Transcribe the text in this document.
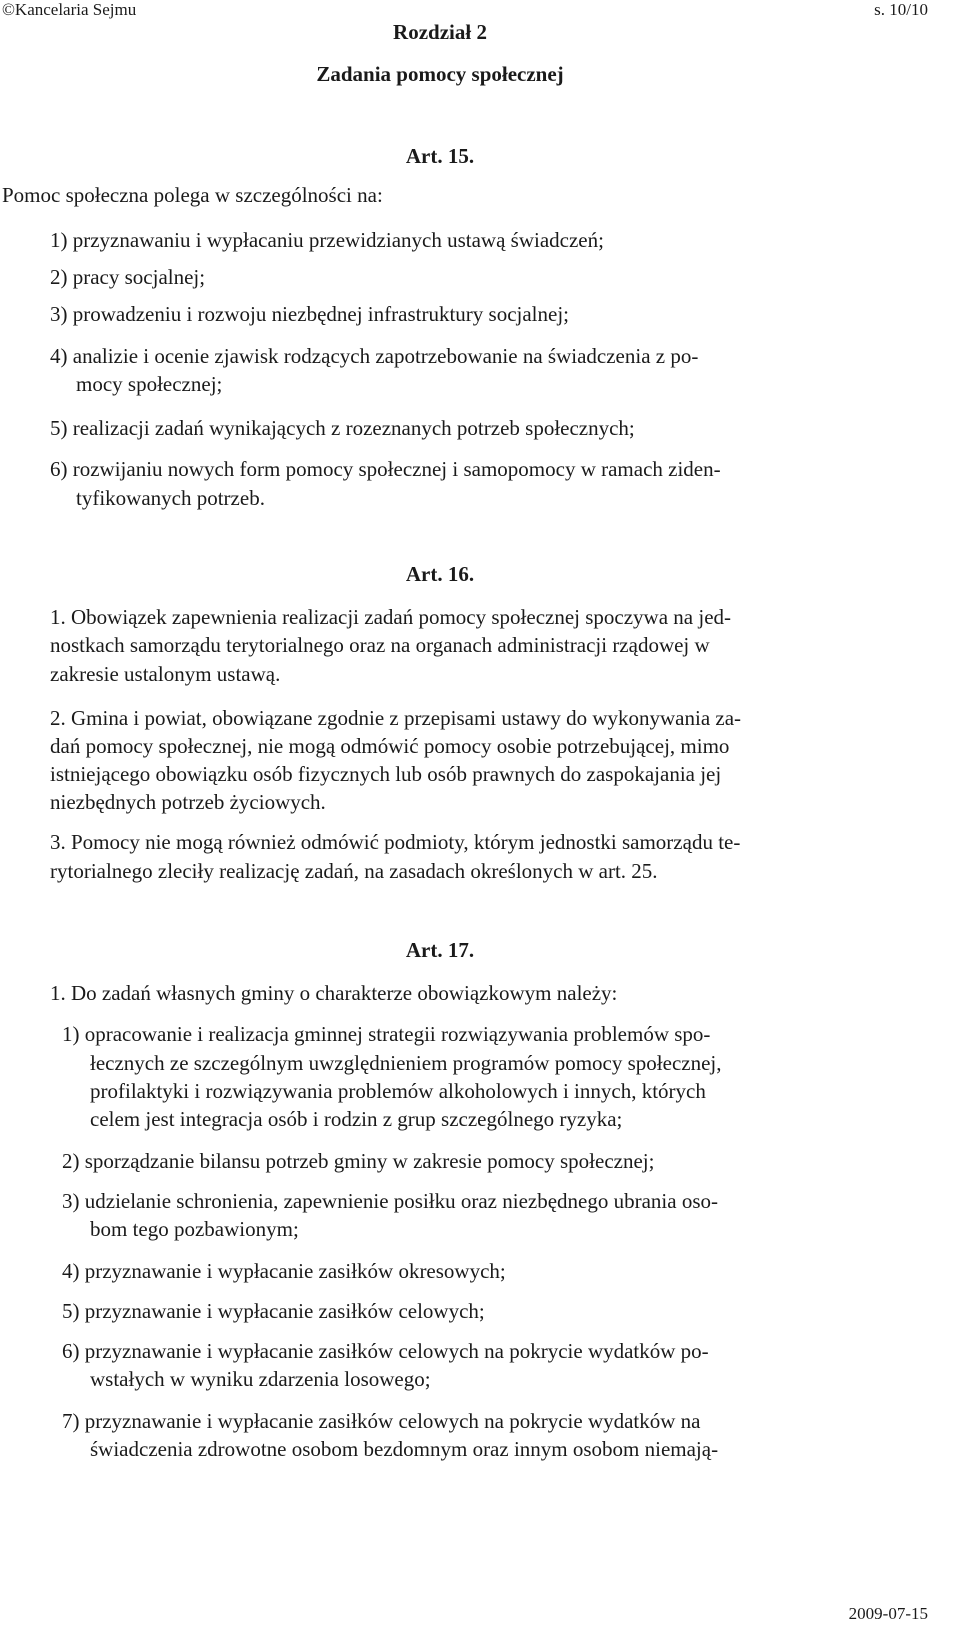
©Kancelaria Sejmu	s. 10/10
Rozdział 2
Zadania pomocy społecznej
Art. 15.
Pomoc społeczna polega w szczególności na:
1) przyznawaniu i wypłacaniu przewidzianych ustawą świadczeń;
2) pracy socjalnej;
3) prowadzeniu i rozwoju niezbędnej infrastruktury socjalnej;
4) analizie i ocenie zjawisk rodzących zapotrzebowanie na świadczenia z po-
mocy społecznej;
5) realizacji zadań wynikających z rozeznanych potrzeb społecznych;
6) rozwijaniu nowych form pomocy społecznej i samopomocy w ramach ziden-
tyfikowanych potrzeb.
Art. 16.
1. Obowiązek zapewnienia realizacji zadań pomocy społecznej spoczywa na jed-
nostkach samorządu terytorialnego oraz na organach administracji rządowej w
zakresie ustalonym ustawą.
2. Gmina i powiat, obowiązane zgodnie z przepisami ustawy do wykonywania za-
dań pomocy społecznej, nie mogą odmówić pomocy osobie potrzebującej, mimo
istniejącego obowiązku osób fizycznych lub osób prawnych do zaspokajania jej
niezbędnych potrzeb życiowych.
3. Pomocy nie mogą również odmówić podmioty, którym jednostki samorządu te-
rytorialnego zleciły realizację zadań, na zasadach określonych w art. 25.
Art. 17.
1. Do zadań własnych gminy o charakterze obowiązkowym należy:
1) opracowanie i realizacja gminnej strategii rozwiązywania problemów spo-
łecznych ze szczególnym uwzględnieniem programów pomocy społecznej,
profilaktyki i rozwiązywania problemów alkoholowych i innych, których
celem jest integracja osób i rodzin z grup szczególnego ryzyka;
2) sporządzanie bilansu potrzeb gminy w zakresie pomocy społecznej;
3) udzielanie schronienia, zapewnienie posiłku oraz niezbędnego ubrania oso-
bom tego pozbawionym;
4) przyznawanie i wypłacanie zasiłków okresowych;
5) przyznawanie i wypłacanie zasiłków celowych;
6) przyznawanie i wypłacanie zasiłków celowych na pokrycie wydatków po-
wstałych w wyniku zdarzenia losowego;
7) przyznawanie i wypłacanie zasiłków celowych na pokrycie wydatków na
świadczenia zdrowotne osobom bezdomnym oraz innym osobom niemają-
2009-07-15
